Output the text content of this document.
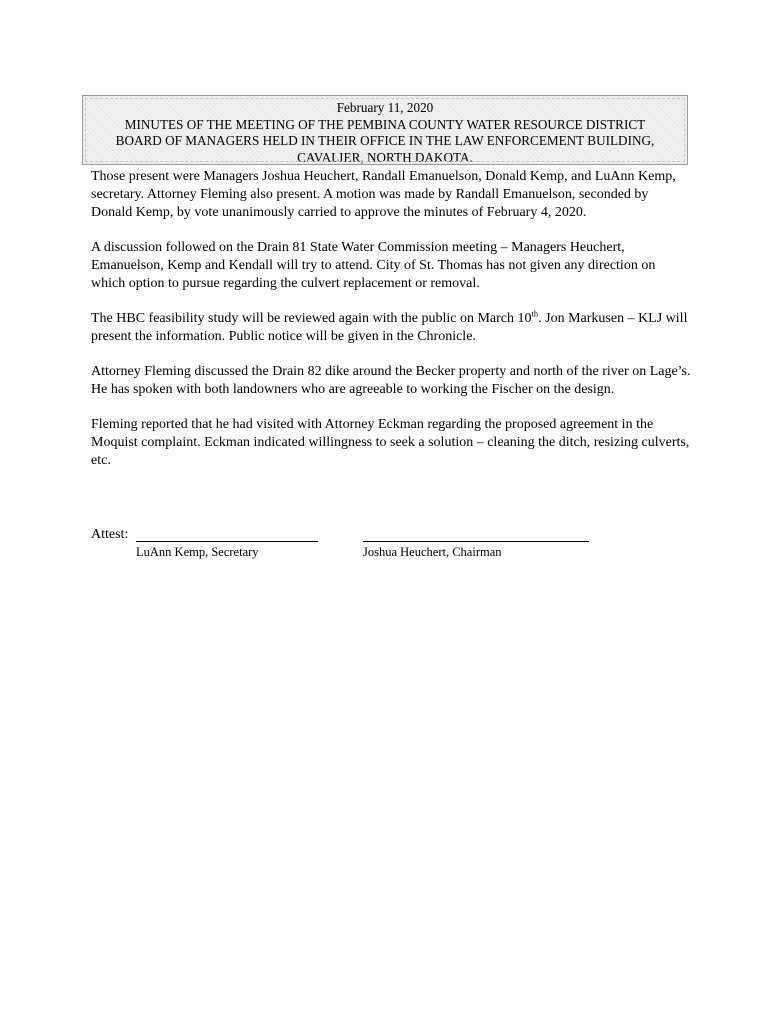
February 11, 2020
MINUTES OF THE MEETING OF THE PEMBINA COUNTY WATER RESOURCE DISTRICT
BOARD OF MANAGERS HELD IN THEIR OFFICE IN THE LAW ENFORCEMENT BUILDING,
CAVALIER, NORTH DAKOTA.

Those present were Managers Joshua Heuchert, Randall Emanuelson, Donald Kemp, and LuAnn Kemp, secretary. Attorney Fleming also present. A motion was made by Randall Emanuelson, seconded by Donald Kemp, by vote unanimously carried to approve the minutes of February 4, 2020.

A discussion followed on the Drain 81 State Water Commission meeting – Managers Heuchert, Emanuelson, Kemp and Kendall will try to attend. City of St. Thomas has not given any direction on which option to pursue regarding the culvert replacement or removal.

The HBC feasibility study will be reviewed again with the public on March 10th. Jon Markusen – KLJ will present the information. Public notice will be given in the Chronicle.

Attorney Fleming discussed the Drain 82 dike around the Becker property and north of the river on Lage’s. He has spoken with both landowners who are agreeable to working the Fischer on the design.

Fleming reported that he had visited with Attorney Eckman regarding the proposed agreement in the Moquist complaint. Eckman indicated willingness to seek a solution – cleaning the ditch, resizing culverts, etc.

Attest:
LuAnn Kemp, Secretary	Joshua Heuchert, Chairman
